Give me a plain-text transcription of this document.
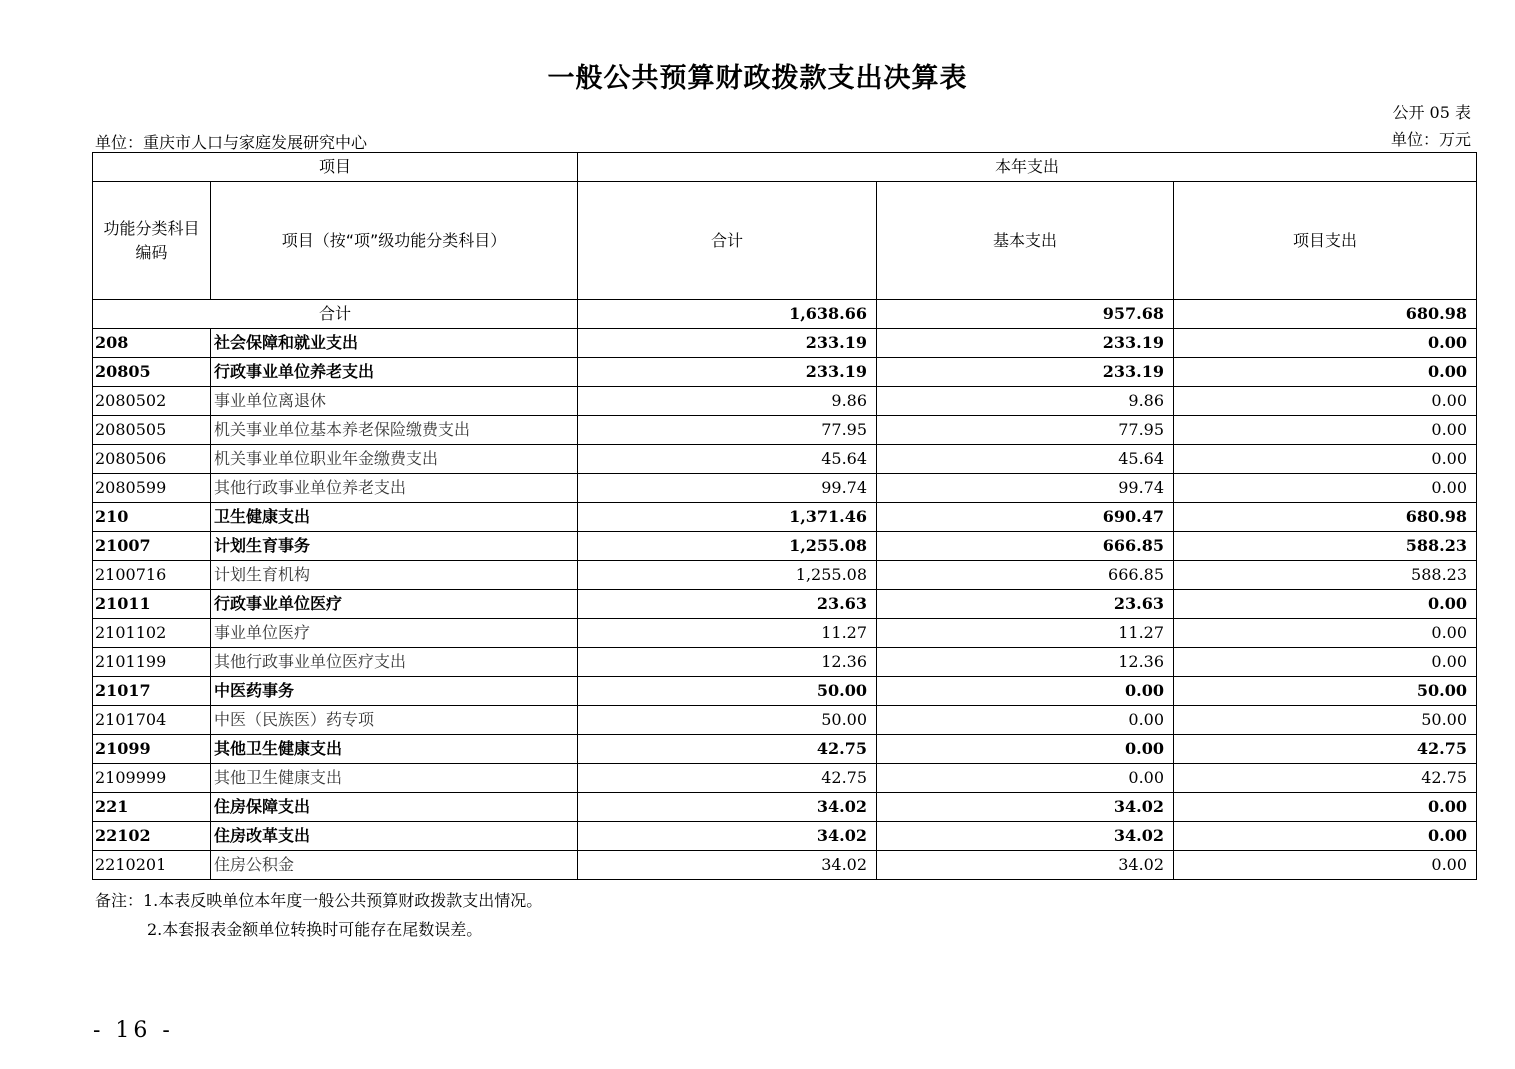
一般公共预算财政拨款支出决算表
公开 05 表
单位：重庆市人口与家庭发展研究中心	单位：万元
项目		本年支出		
功能分类科目编码	项目（按“项”级功能分类科目）	合计	基本支出	项目支出
合计		1,638.66	957.68	680.98
208	社会保障和就业支出	233.19	233.19	0.00
20805	行政事业单位养老支出	233.19	233.19	0.00
2080502	事业单位离退休	9.86	9.86	0.00
2080505	机关事业单位基本养老保险缴费支出	77.95	77.95	0.00
2080506	机关事业单位职业年金缴费支出	45.64	45.64	0.00
2080599	其他行政事业单位养老支出	99.74	99.74	0.00
210	卫生健康支出	1,371.46	690.47	680.98
21007	计划生育事务	1,255.08	666.85	588.23
2100716	计划生育机构	1,255.08	666.85	588.23
21011	行政事业单位医疗	23.63	23.63	0.00
2101102	事业单位医疗	11.27	11.27	0.00
2101199	其他行政事业单位医疗支出	12.36	12.36	0.00
21017	中医药事务	50.00	0.00	50.00
2101704	中医（民族医）药专项	50.00	0.00	50.00
21099	其他卫生健康支出	42.75	0.00	42.75
2109999	其他卫生健康支出	42.75	0.00	42.75
221	住房保障支出	34.02	34.02	0.00
22102	住房改革支出	34.02	34.02	0.00
2210201	住房公积金	34.02	34.02	0.00
备注：1.本表反映单位本年度一般公共预算财政拨款支出情况。
2.本套报表金额单位转换时可能存在尾数误差。
- 16 -
